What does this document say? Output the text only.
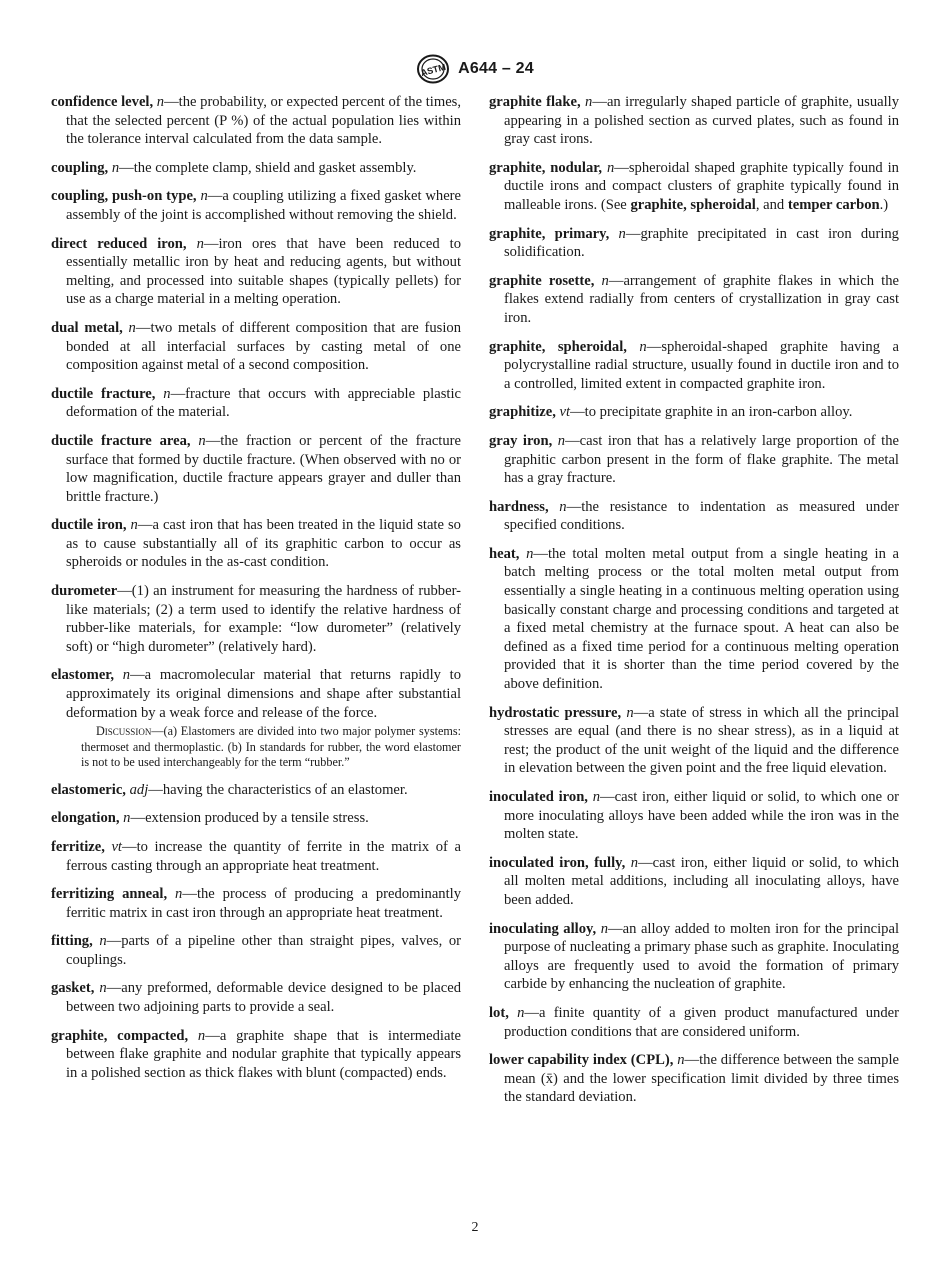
ASTM A644 – 24

confidence level, n—the probability, or expected percent of the times, that the selected percent (P %) of the actual population lies within the tolerance interval calculated from the data sample.

coupling, n—the complete clamp, shield and gasket assembly.

coupling, push-on type, n—a coupling utilizing a fixed gasket where assembly of the joint is accomplished without removing the shield.

direct reduced iron, n—iron ores that have been reduced to essentially metallic iron by heat and reducing agents, but without melting, and processed into suitable shapes (typically pellets) for use as a charge material in a melting operation.

dual metal, n—two metals of different composition that are fusion bonded at all interfacial surfaces by casting metal of one composition against metal of a second composition.

ductile fracture, n—fracture that occurs with appreciable plastic deformation of the material.

ductile fracture area, n—the fraction or percent of the fracture surface that formed by ductile fracture. (When observed with no or low magnification, ductile fracture appears grayer and duller than brittle fracture.)

ductile iron, n—a cast iron that has been treated in the liquid state so as to cause substantially all of its graphitic carbon to occur as spheroids or nodules in the as-cast condition.

durometer—(1) an instrument for measuring the hardness of rubber-like materials; (2) a term used to identify the relative hardness of rubber-like materials, for example: “low durometer” (relatively soft) or “high durometer” (relatively hard).

elastomer, n—a macromolecular material that returns rapidly to approximately its original dimensions and shape after substantial deformation by a weak force and release of the force.
Discussion—(a) Elastomers are divided into two major polymer systems: thermoset and thermoplastic. (b) In standards for rubber, the word elastomer is not to be used interchangeably for the term “rubber.”

elastomeric, adj—having the characteristics of an elastomer.

elongation, n—extension produced by a tensile stress.

ferritize, vt—to increase the quantity of ferrite in the matrix of a ferrous casting through an appropriate heat treatment.

ferritizing anneal, n—the process of producing a predominantly ferritic matrix in cast iron through an appropriate heat treatment.

fitting, n—parts of a pipeline other than straight pipes, valves, or couplings.

gasket, n—any preformed, deformable device designed to be placed between two adjoining parts to provide a seal.

graphite, compacted, n—a graphite shape that is intermediate between flake graphite and nodular graphite that typically appears in a polished section as thick flakes with blunt (compacted) ends.

graphite flake, n—an irregularly shaped particle of graphite, usually appearing in a polished section as curved plates, such as found in gray cast irons.

graphite, nodular, n—spheroidal shaped graphite typically found in ductile irons and compact clusters of graphite typically found in malleable irons. (See graphite, spheroidal, and temper carbon.)

graphite, primary, n—graphite precipitated in cast iron during solidification.

graphite rosette, n—arrangement of graphite flakes in which the flakes extend radially from centers of crystallization in gray cast iron.

graphite, spheroidal, n—spheroidal-shaped graphite having a polycrystalline radial structure, usually found in ductile iron and to a controlled, limited extent in compacted graphite iron.

graphitize, vt—to precipitate graphite in an iron-carbon alloy.

gray iron, n—cast iron that has a relatively large proportion of the graphitic carbon present in the form of flake graphite. The metal has a gray fracture.

hardness, n—the resistance to indentation as measured under specified conditions.

heat, n—the total molten metal output from a single heating in a batch melting process or the total molten metal output from essentially a single heating in a continuous melting operation using basically constant charge and processing conditions and targeted at a fixed metal chemistry at the furnace spout. A heat can also be defined as a fixed time period for a continuous melting operation provided that it is shorter than the time period covered by the above definition.

hydrostatic pressure, n—a state of stress in which all the principal stresses are equal (and there is no shear stress), as in a liquid at rest; the product of the unit weight of the liquid and the difference in elevation between the given point and the free liquid elevation.

inoculated iron, n—cast iron, either liquid or solid, to which one or more inoculating alloys have been added while the iron was in the molten state.

inoculated iron, fully, n—cast iron, either liquid or solid, to which all molten metal additions, including all inoculating alloys, have been added.

inoculating alloy, n—an alloy added to molten iron for the principal purpose of nucleating a primary phase such as graphite. Inoculating alloys are frequently used to avoid the formation of primary carbide by enhancing the nucleation of graphite.

lot, n—a finite quantity of a given product manufactured under production conditions that are considered uniform.

lower capability index (CPL), n—the difference between the sample mean (x̄) and the lower specification limit divided by three times the standard deviation.

2
